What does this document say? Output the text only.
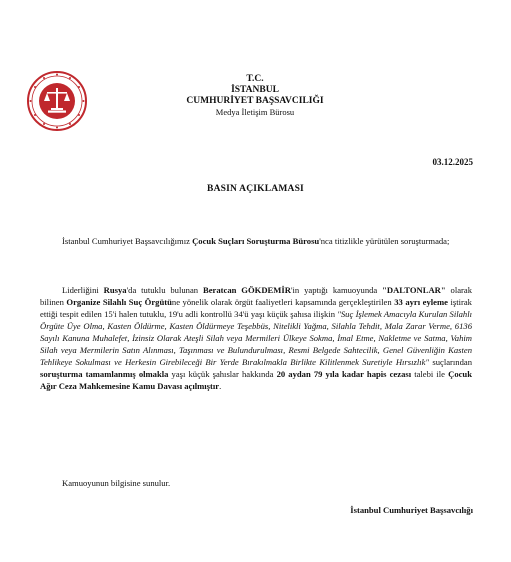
T.C.
İSTANBUL
CUMHURİYET BAŞSAVCILIĞI
Medya İletişim Bürosu
03.12.2025
BASIN AÇIKLAMASI

İstanbul Cumhuriyet Başsavcılığımız Çocuk Suçları Soruşturma Bürosu'nca titizlikle yürütülen soruşturmada;

Liderliğini Rusya'da tutuklu bulunan Beratcan GÖKDEMİR'in yaptığı kamuoyunda "DALTONLAR" olarak bilinen Organize Silahlı Suç Örgütüne yönelik olarak örgüt faaliyetleri kapsamında gerçekleştirilen 33 ayrı eyleme iştirak ettiği tespit edilen 15'i halen tutuklu, 19'u adli kontrollü 34'ü yaşı küçük şahısa ilişkin "Suç İşlemek Amacıyla Kurulan Silahlı Örgüte Üye Olma, Kasten Öldürme, Kasten Öldürmeye Teşebbüs, Nitelikli Yağma, Silahla Tehdit, Mala Zarar Verme, 6136 Sayılı Kanuna Muhalefet, İzinsiz Olarak Ateşli Silah veya Mermileri Ülkeye Sokma, İmal Etme, Nakletme ve Satma, Vahim Silah veya Mermilerin Satın Alınması, Taşınması ve Bulundurulması, Resmi Belgede Sahtecilik, Genel Güvenliğin Kasten Tehlikeye Sokulması ve Herkesin Girebileceği Bir Yerde Bırakılmakla Birlikte Kilitlenmek Suretiyle Hırsızlık" suçlarından soruşturma tamamlanmış olmakla yaşı küçük şahıslar hakkında 20 aydan 79 yıla kadar hapis cezası talebi ile Çocuk Ağır Ceza Mahkemesine Kamu Davası açılmıştır.

Kamuoyunun bilgisine sunulur.

İstanbul Cumhuriyet Başsavcılığı
